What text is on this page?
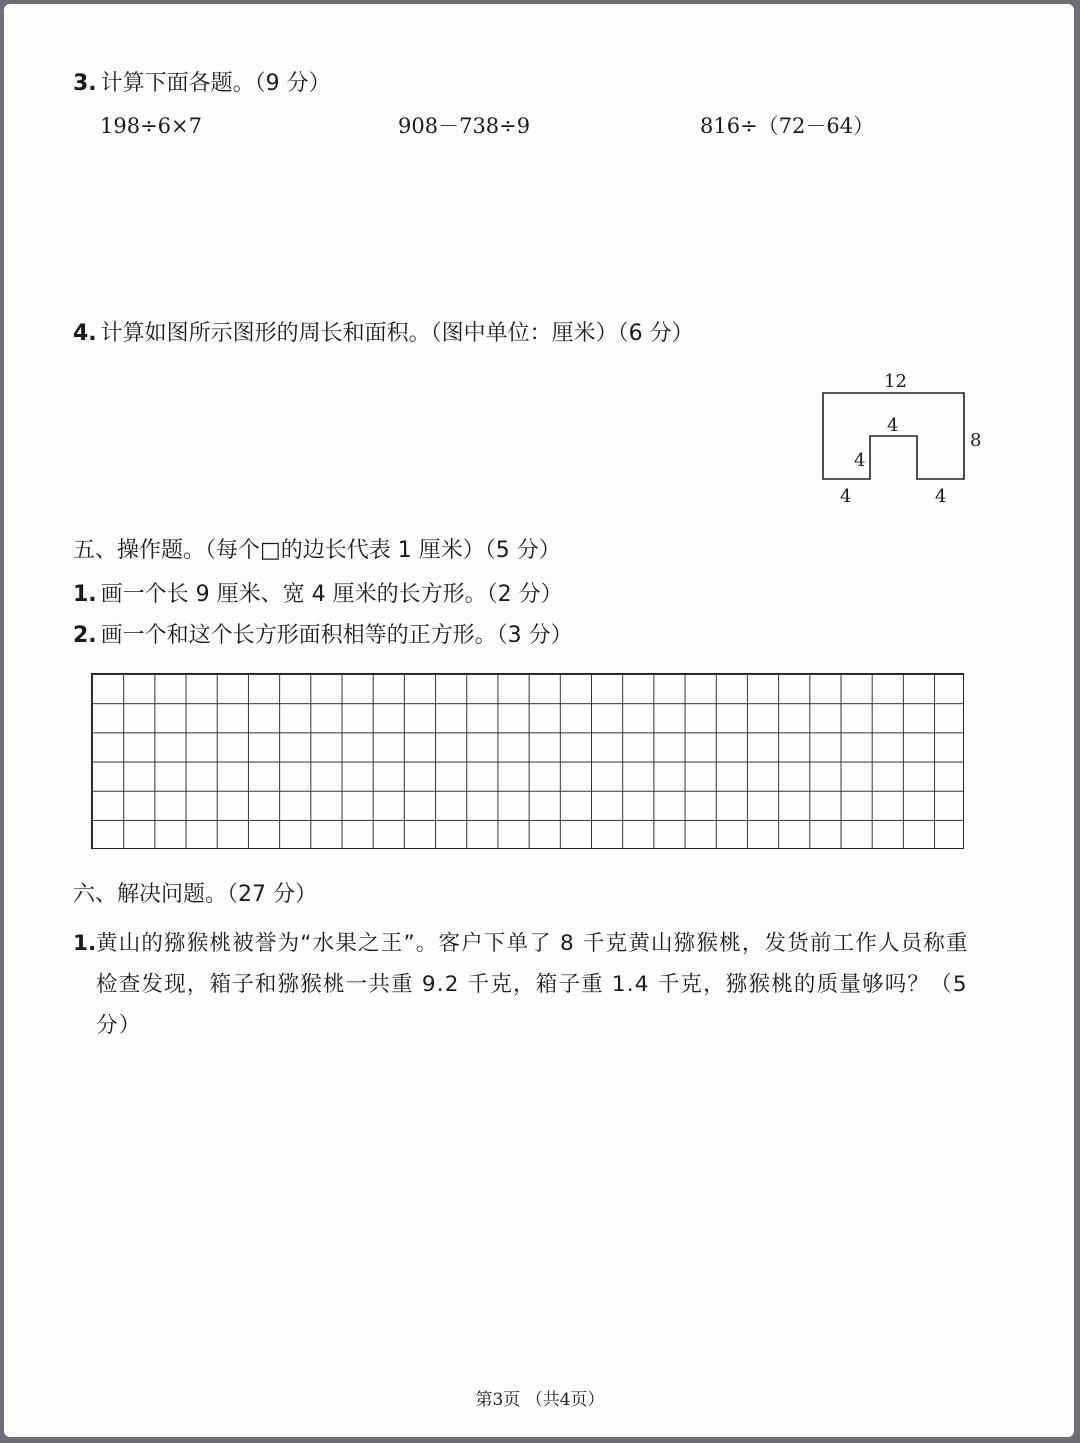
3. 计算下面各题。（9 分）
198÷6×7	908－738÷9	816÷（72－64）
4. 计算如图所示图形的周长和面积。（图中单位：厘米）（6 分）
12
8
4
4
4	4
五、操作题。（每个□的边长代表 1 厘米）（5 分）
1. 画一个长 9 厘米、宽 4 厘米的长方形。（2 分）
2. 画一个和这个长方形面积相等的正方形。（3 分）
六、解决问题。（27 分）
1. 黄山的猕猴桃被誉为“水果之王”。客户下单了 8 千克黄山猕猴桃，发货前工作人员称重检查发现，箱子和猕猴桃一共重 9.2 千克，箱子重 1.4 千克，猕猴桃的质量够吗？（5 分）
第3页 （共4页）
